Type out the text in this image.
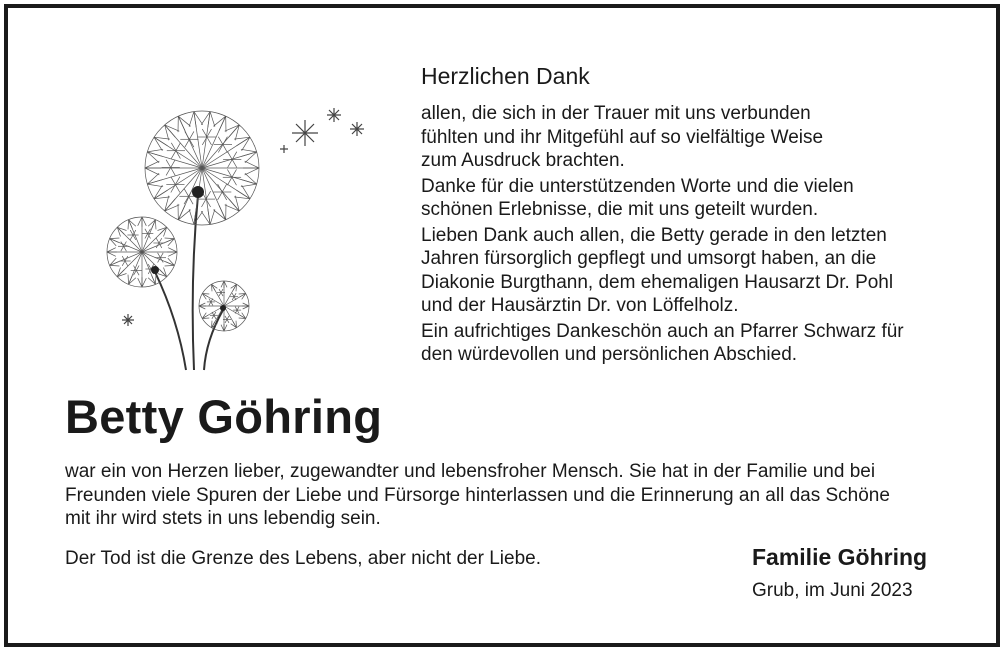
Herzlichen Dank

allen, die sich in der Trauer mit uns verbunden
fühlten und ihr Mitgefühl auf so vielfältige Weise
zum Ausdruck brachten.

Danke für die unterstützenden Worte und die vielen
schönen Erlebnisse, die mit uns geteilt wurden.

Lieben Dank auch allen, die Betty gerade in den letzten
Jahren fürsorglich gepflegt und umsorgt haben, an die
Diakonie Burgthann, dem ehemaligen Hausarzt Dr. Pohl
und der Hausärztin Dr. von Löffelholz.

Ein aufrichtiges Dankeschön auch an Pfarrer Schwarz für
den würdevollen und persönlichen Abschied.

Betty Göhring
war ein von Herzen lieber, zugewandter und lebensfroher Mensch. Sie hat in der Familie und bei
Freunden viele Spuren der Liebe und Fürsorge hinterlassen und die Erinnerung an all das Schöne
mit ihr wird stets in uns lebendig sein.
Der Tod ist die Grenze des Lebens, aber nicht der Liebe.	Familie Göhring
Grub, im Juni 2023
